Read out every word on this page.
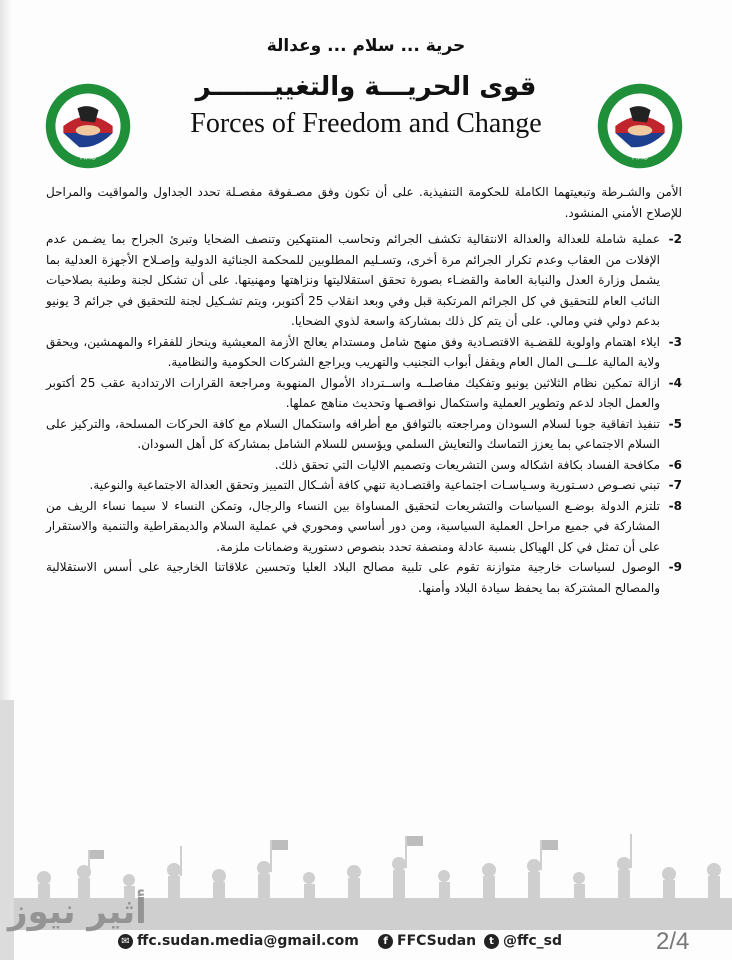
حرية ... سلام ... وعدالة
قوى الحريـــة والتغييـــــــر
Forces of Freedom and Change
F.F.C	F.F.C

الأمن والشـرطة وتبعيتهما الكاملة للحكومة التنفيذية. على أن تكون وفق مصـفوفة مفصـلة تحدد الجداول والمواقيت والمراحل للإصلاح الأمني المنشود.

-2
عملية شاملة للعدالة والعدالة الانتقالية تكشف الجرائم وتحاسب المنتهكين وتنصف الضحايا وتبرئ الجراح بما يضـمن عدم الإفلات من العقاب وعدم تكرار الجرائم مرة أخرى، وتسـليم المطلوبين للمحكمة الجنائية الدولية وإصـلاح الأجهزة العدلية بما يشمل وزارة العدل والنيابة العامة والقضـاء بصورة تحقق استقلاليتها ونزاهتها ومهنيتها. على أن تشكل لجنة وطنية بصلاحيات النائب العام للتحقيق في كل الجرائم المرتكبة قبل وفي وبعد انقلاب 25 أكتوبر، ويتم تشـكيل لجنة للتحقيق في جرائم 3 يونيو بدعم دولي فني ومالي. على أن يتم كل ذلك بمشاركة واسعة لذوي الضحايا.
-3
ايلاء اهتمام واولوية للقضـية الاقتصـادية وفق منهج شامل ومستدام يعالج الأزمة المعيشية وينحاز للفقراء والمهمشين، ويحقق ولاية المالية علـــى المال العام ويقفل أبواب التجنيب والتهريب ويراجع الشركات الحكومية والنظامية.
-4
ازالة تمكين نظام الثلاثين يونيو وتفكيك مفاصلــه واســترداد الأموال المنهوبة ومراجعة القرارات الارتدادية عقب 25 أكتوبر والعمل الجاد لدعم وتطوير العملية واستكمال نواقصـها وتحديث مناهج عملها.
-5
تنفيذ اتفاقية جوبا لسلام السودان ومراجعته بالتوافق مع أطرافه واستكمال السلام مع كافة الحركات المسلحة، والتركيز على السلام الاجتماعي بما يعزز التماسك والتعايش السلمي ويؤسس للسلام الشامل بمشاركة كل أهل السودان.
-6
مكافحة الفساد بكافة اشكاله وسن التشريعات وتصميم الاليات التي تحقق ذلك.
-7
تبني نصـوص دسـتورية وسـياسـات اجتماعية واقتصـادية تنهي كافة أشـكال التمييز وتحقق العدالة الاجتماعية والنوعية.
-8
تلتزم الدولة بوضـع السياسات والتشريعات لتحقيق المساواة بين النساء والرجال، وتمكن النساء لا سيما نساء الريف من المشاركة في جميع مراحل العملية السياسية، ومن دور أساسي ومحوري في عملية السلام والديمقراطية والتنمية والاستقرار على أن تمثل في كل الهياكل بنسبة عادلة ومنصفة تحدد بنصوص دستورية وضمانات ملزمة.
-9
الوصول لسياسات خارجية متوازنة تقوم على تلبية مصالح البلاد العليا وتحسين علاقاتنا الخارجية على أسس الاستقلالية والمصالح المشتركة بما يحفظ سيادة البلاد وأمنها.
أثير نيوز
✉ ffc.sudan.media@gmail.com	f FFCSudan	t @ffc_sd	2/4
